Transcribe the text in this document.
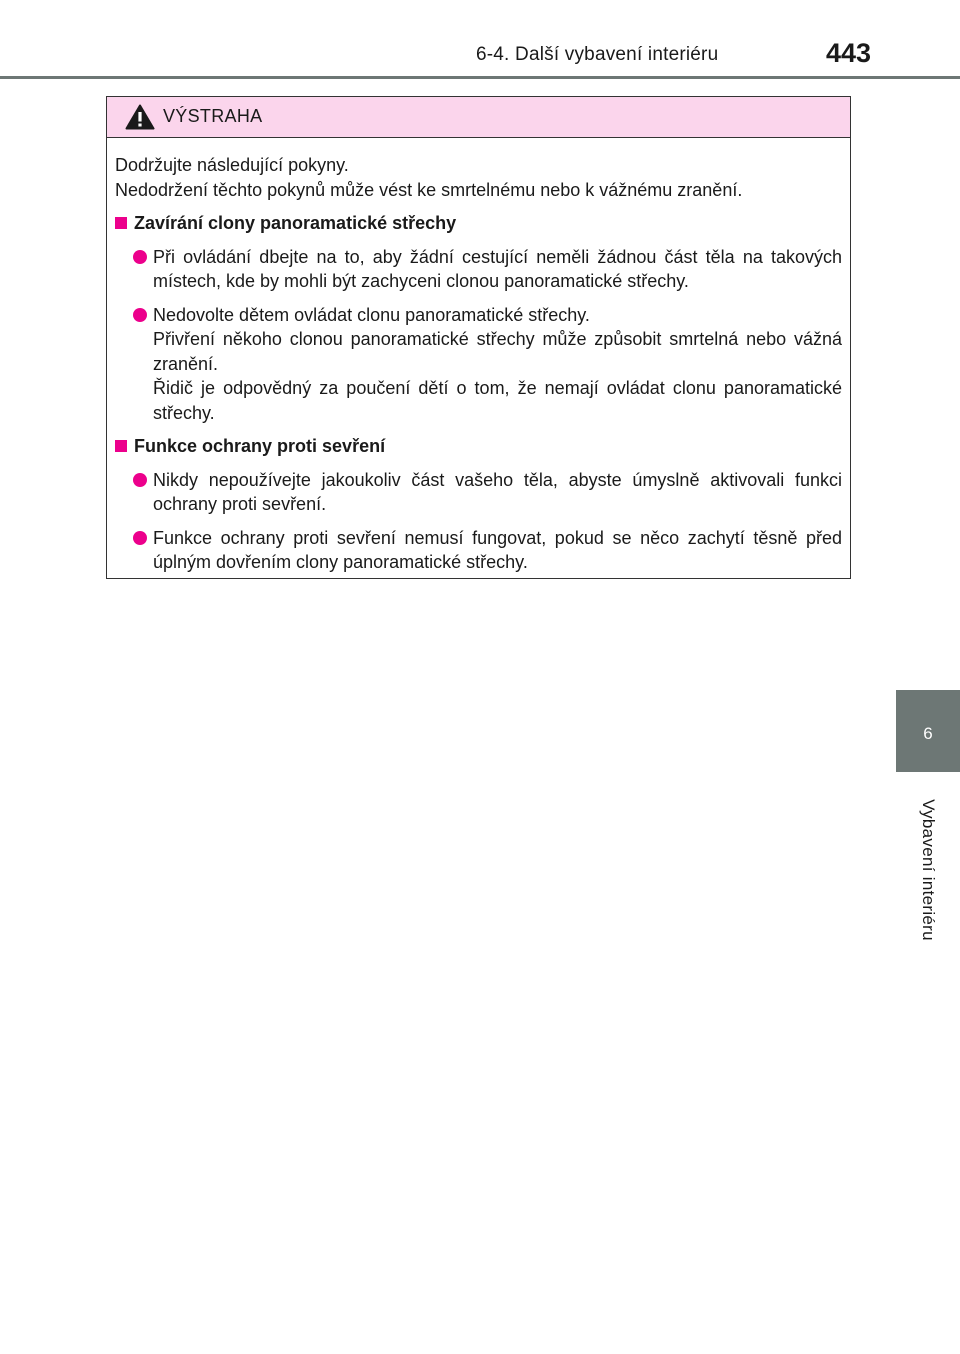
6-4. Další vybavení interiéru	443
6
Vybavení interiéru
VÝSTRAHA
Dodržujte následující pokyny.
Nedodržení těchto pokynů může vést ke smrtelnému nebo k vážnému zranění.
Zavírání clony panoramatické střechy
Při ovládání dbejte na to, aby žádní cestující neměli žádnou část těla na takových místech, kde by mohli být zachyceni clonou panoramatické střechy.
Nedovolte dětem ovládat clonu panoramatické střechy.
Přivření někoho clonou panoramatické střechy může způsobit smrtelná nebo vážná zranění.
Řidič je odpovědný za poučení dětí o tom, že nemají ovládat clonu panoramatické střechy.
Funkce ochrany proti sevření
Nikdy nepoužívejte jakoukoliv část vašeho těla, abyste úmyslně aktivovali funkci ochrany proti sevření.
Funkce ochrany proti sevření nemusí fungovat, pokud se něco zachytí těsně před úplným dovřením clony panoramatické střechy.
